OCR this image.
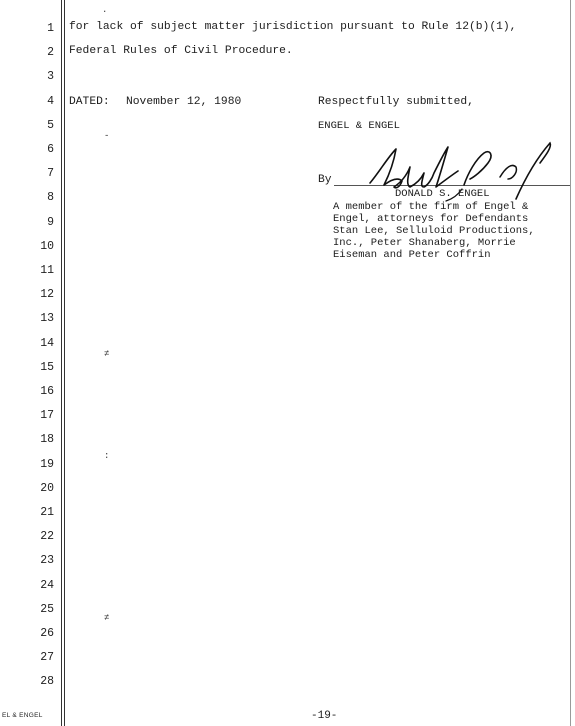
1
2
3
4
5
6
7
8
9
10
11
12
13
14
15
16
17
18
19
20
21
22
23
24
25
26
27
28
for lack of subject matter jurisdiction pursuant to Rule 12(b)(1),
Federal Rules of Civil Procedure.
DATED: November 12, 1980	Respectfully submitted,
ENGEL & ENGEL
By
DONALD S. ENGEL
A member of the firm of Engel &
Engel, attorneys for Defendants
Stan Lee, Selluloid Productions,
Inc., Peter Shanaberg, Morrie
Eiseman and Peter Coffrin
·
-
≠
:
≠
EL & ENGEL	-19-
